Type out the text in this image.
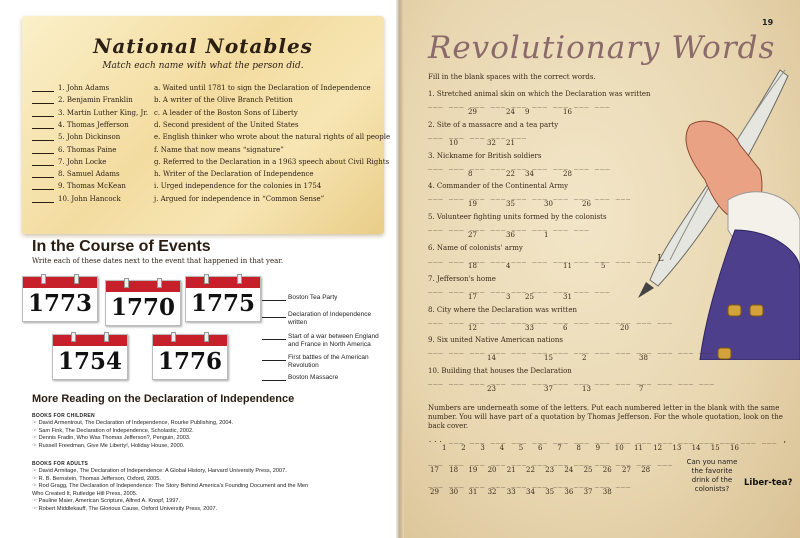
National Notables
Match each name with what the person did.
1. John Adams	a. Waited until 1781 to sign the Declaration of Independence
2. Benjamin Franklin	b. A writer of the Olive Branch Petition
3. Martin Luther King, Jr. c. A leader of the Boston Sons of Liberty
4. Thomas Jefferson	d. Second president of the United States
5. John Dickinson	e. English thinker who wrote about the natural rights of all people
6. Thomas Paine	f. Name that now means “signature”
7. John Locke	g. Referred to the Declaration in a 1963 speech about Civil Rights
8. Samuel Adams	h. Writer of the Declaration of Independence
9. Thomas McKean	i. Urged independence for the colonies in 1754
10. John Hancock	j. Argued for independence in “Common Sense”
In the Course of Events
Write each of these dates next to the event that happened in that year.
1773 1770 1775
1754 1776
Boston Tea Party
Declaration of Independence written
Start of a war between England and France in North America
First battles of the American Revolution
Boston Massacre
More Reading on the Declaration of Independence
BOOKS FOR CHILDREN
☞ David Armentrout, The Declaration of Independence, Rourke Publishing, 2004.
☞ Sam Fink, The Declaration of Independence, Scholastic, 2002.
☞ Dennis Fradin, Who Was Thomas Jefferson?, Penguin, 2003.
☞ Russell Freedman, Give Me Liberty!, Holiday House, 2000.
BOOKS FOR ADULTS
☞ David Armitage, The Declaration of Independence: A Global History, Harvard University Press, 2007.
☞ R. B. Bernstein, Thomas Jefferson, Oxford, 2005.
☞ Rod Gragg, The Declaration of Independence: The Story Behind America's Founding Document and the Men
Who Created It, Rutledge Hill Press, 2005.
☞ Pauline Maier, American Scripture, Alfred A. Knopf, 1997.
☞ Robert Middlekauff, The Glorious Cause, Oxford University Press, 2007.
19
Revolutionary Words
Fill in the blank spaces with the correct words.
1. Stretched animal skin on which the Declaration was written
___ ___ ___ ___ ___ ___ ___ ___ ___
29	24 9	16
2. Site of a massacre and a tea party
___ ___ ___ ___ ___
10	32 21
3. Nickname for British soldiers
___ ___ ___ ___ ___ ___ ___ ___ ___
8	22 34	28
4. Commander of the Continental Army
___ ___ ___ ___ ___ ___ ___ ___ ___ ___
19	35	30	26
5. Volunteer fighting units formed by the colonists
___ ___ ___ ___ ___ ___ ___ ___
27	36	1
6. Name of colonists' army
___ ___ ___ ___ ___ ___ ___ ___ ___ ___ ___ L
18	4	11	5
7. Jefferson's home
___ ___ ___ ___ ___ ___ ___ ___ ___
17	3 25	31
8. City where the Declaration was written
___ ___ ___ ___ ___ ___ ___ ___ ___ ___ ___ ___
12	33	6	20
9. Six united Native American nations
___ ___ ___ ___ ___ ___ ___ ___ ___ ___ ___ ___ ___ ___
14	15	2	38
10. Building that houses the Declaration
___ ___ ___ ___ ___ ___ ___ ___ ___ ___ ___ ___ ___ ___
23	37	13	7
Numbers are underneath some of the letters. Put each numbered letter in the blank with the same number. You will have part of a quotation by Thomas Jefferson. For the whole quotation, look on the back cover.
... ___ ___ ___ ___ ___ ___ ___ ___ ___ ___ ___ ___ ___ ___ ___ ___ ,
1 2 3 4 5 6 7 8 9 10 11 12 13 14 15 16
___ ___ ___ ___ ___ ___ ___ ___ ___ ___ ___ ___
17 18 19 20 21 22 23 24 25 26 27 28
___ ___ ___ ___ ___ ___ ___ ___ ___ ___
29 30 31 32 33 34 35 36 37 38
Can you name the favorite drink of the colonists?
Liber-tea?
